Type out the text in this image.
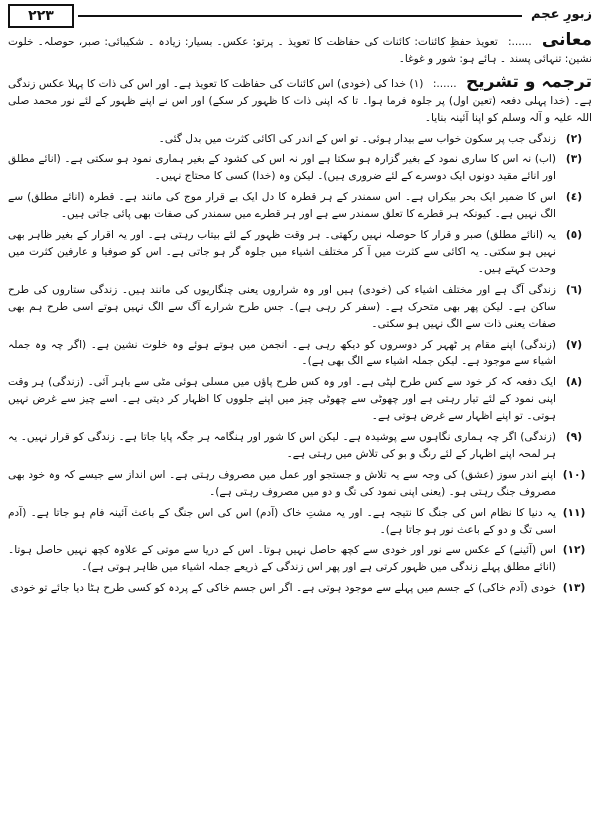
٢٢٣	زبورِ عجم
معانی ......: تعویذ حفظِ کائنات: کائنات کی حفاظت کا تعویذ ۔ پرتو: عکس۔ بسیار: زیادہ ۔ شکیبائی: صبر، حوصلہ۔ خلوت نشین: تنہائی پسند ۔ ہائے ہو: شور و غوغا۔
ترجمہ و تشریح ......: (١) خدا کی (خودی) اس کائنات کی حفاظت کا تعویذ ہے۔ اور اس کی ذات کا پہلا عکس زندگی ہے۔ (خدا پہلی دفعہ (تعین اول) پر جلوہ فرما ہوا۔ تا کہ اپنی ذات کا ظہور کر سکے) اور اس نے اپنے ظہور کے لئے نور محمد صلی اللہ علیہ و آلہ وسلم کو اپنا آئینہ بنایا۔
(٢)
زندگی جب پر سکون خواب سے بیدار ہوئی۔ تو اس کے اندر کی اکائی کثرت میں بدل گئی۔
(٣)
(اب) نہ اس کا ساری نمود کے بغیر گزارہ ہو سکتا ہے اور نہ اس کی کشود کے بغیر ہماری نمود ہو سکتی ہے۔ (انائے مطلق اور انائے مقید دونوں ایک دوسرے کے لئے ضروری ہیں)۔ لیکن وہ (خدا) کسی کا محتاج نہیں۔
(٤)
اس کا ضمیر ایک بحر بیکراں ہے۔ اس سمندر کے ہر قطرہ کا دل ایک بے قرار موج کی مانند ہے۔ قطرہ (انائے مطلق) سے الگ نہیں ہے۔ کیونکہ ہر قطرے کا تعلق سمندر سے ہے اور ہر قطرے میں سمندر کی صفات بھی پائی جاتی ہیں۔
(٥)
یہ (انائے مطلق) صبر و قرار کا حوصلہ نہیں رکھتی۔ ہر وقت ظہور کے لئے بیتاب رہتی ہے۔ اور یہ اقرار کے بغیر ظاہر بھی نہیں ہو سکتی۔ یہ اکائی سے کثرت میں آ کر مختلف اشیاء میں جلوہ گر ہو جاتی ہے۔ اس کو صوفیا و عارفین کثرت میں وحدت کہتے ہیں۔
(٦)
زندگی آگ ہے اور مختلف اشیاء کی (خودی) ہیں اور وہ شراروں یعنی چنگاریوں کی مانند ہیں۔ زندگی ستاروں کی طرح ساکن ہے۔ لیکن پھر بھی متحرک ہے۔ (سفر کر رہی ہے)۔ جس طرح شرارے آگ سے الگ نہیں ہوتے اسی طرح ہم بھی صفات یعنی ذات سے الگ نہیں ہو سکتی۔
(٧)
(زندگی) اپنے مقام پر ٹھہر کر دوسروں کو دیکھ رہی ہے۔ انجمن میں ہوتے ہوئے وہ خلوت نشین ہے۔ (اگر چہ وہ جملہ اشیاء سے موجود ہے۔ لیکن جملہ اشیاء سے الگ بھی ہے)۔
(٨)
ایک دفعہ کہ کر خود سے کس طرح لپٹی ہے۔ اور وہ کس طرح پاؤں میں مسلی ہوئی مٹی سے باہر آئی۔ (زندگی) ہر وقت اپنی نمود کے لئے تیار رہتی ہے اور چھوٹی سے چھوٹی چیز میں اپنے جلووں کا اظہار کر دیتی ہے۔ اسے چیز سے غرض نہیں ہوتی۔ تو اپنے اظہار سے غرض ہوتی ہے۔
(٩)
(زندگی) اگر چہ ہماری نگاہوں سے پوشیدہ ہے۔ لیکن اس کا شور اور ہنگامہ ہر جگہ پایا جاتا ہے۔ زندگی کو قرار نہیں۔ یہ ہر لمحہ اپنے اظہار کے لئے رنگ و بو کی تلاش میں رہتی ہے۔
(١٠)
اپنے اندر سوز (عشق) کی وجہ سے یہ تلاش و جستجو اور عمل میں مصروف رہتی ہے۔ اس انداز سے جیسے کہ وہ خود بھی مصروف جنگ رہتی ہو۔ (یعنی اپنی نمود کی تگ و دو میں مصروف رہتی ہے)۔
(١١)
یہ دنیا کا نظام اس کی جنگ کا نتیجہ ہے۔ اور یہ مشتِ خاک (آدم) اس کی اس جنگ کے باعث آئینہ فام ہو جاتا ہے۔ (آدم اسی تگ و دو کے باعث نور ہو جاتا ہے)۔
(١٢)
اس (آئینے) کے عکس سے نور اور خودی سے کچھ حاصل نہیں ہوتا۔ اس کے دریا سے موتی کے علاوہ کچھ نہیں حاصل ہوتا۔ (انائے مطلق پہلے زندگی میں ظہور کرتی ہے اور پھر اس زندگی کے ذریعے جملہ اشیاء میں ظاہر ہوتی ہے)۔
(١٣)
خودی (آدم خاکی) کے جسم میں پہلے سے موجود ہوتی ہے۔ اگر اس جسم خاکی کے پردہ کو کسی طرح ہٹا دیا جائے تو خودی
